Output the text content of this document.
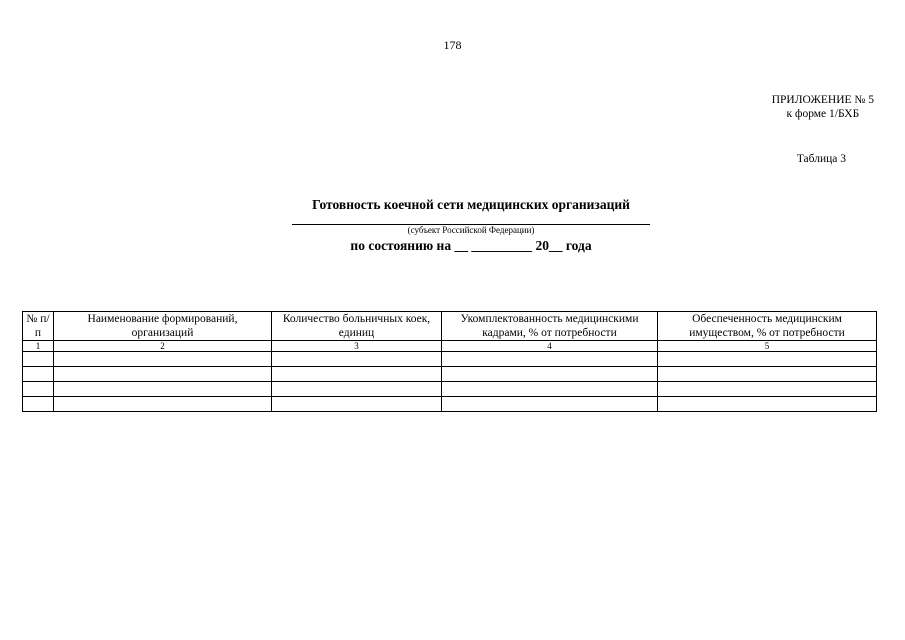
178
ПРИЛОЖЕНИЕ № 5
к форме 1/БХБ
Таблица 3
Готовность коечной сети медицинских организаций
(субъект Российской Федерации)
по состоянию на __ _________ 20__ года
№ п/п	Наименование формирований, организаций	Количество больничных коек, единиц	Укомплектованность медицинскими кадрами, % от потребности	Обеспеченность медицинским имуществом, % от потребности
1	2	3	4	5
